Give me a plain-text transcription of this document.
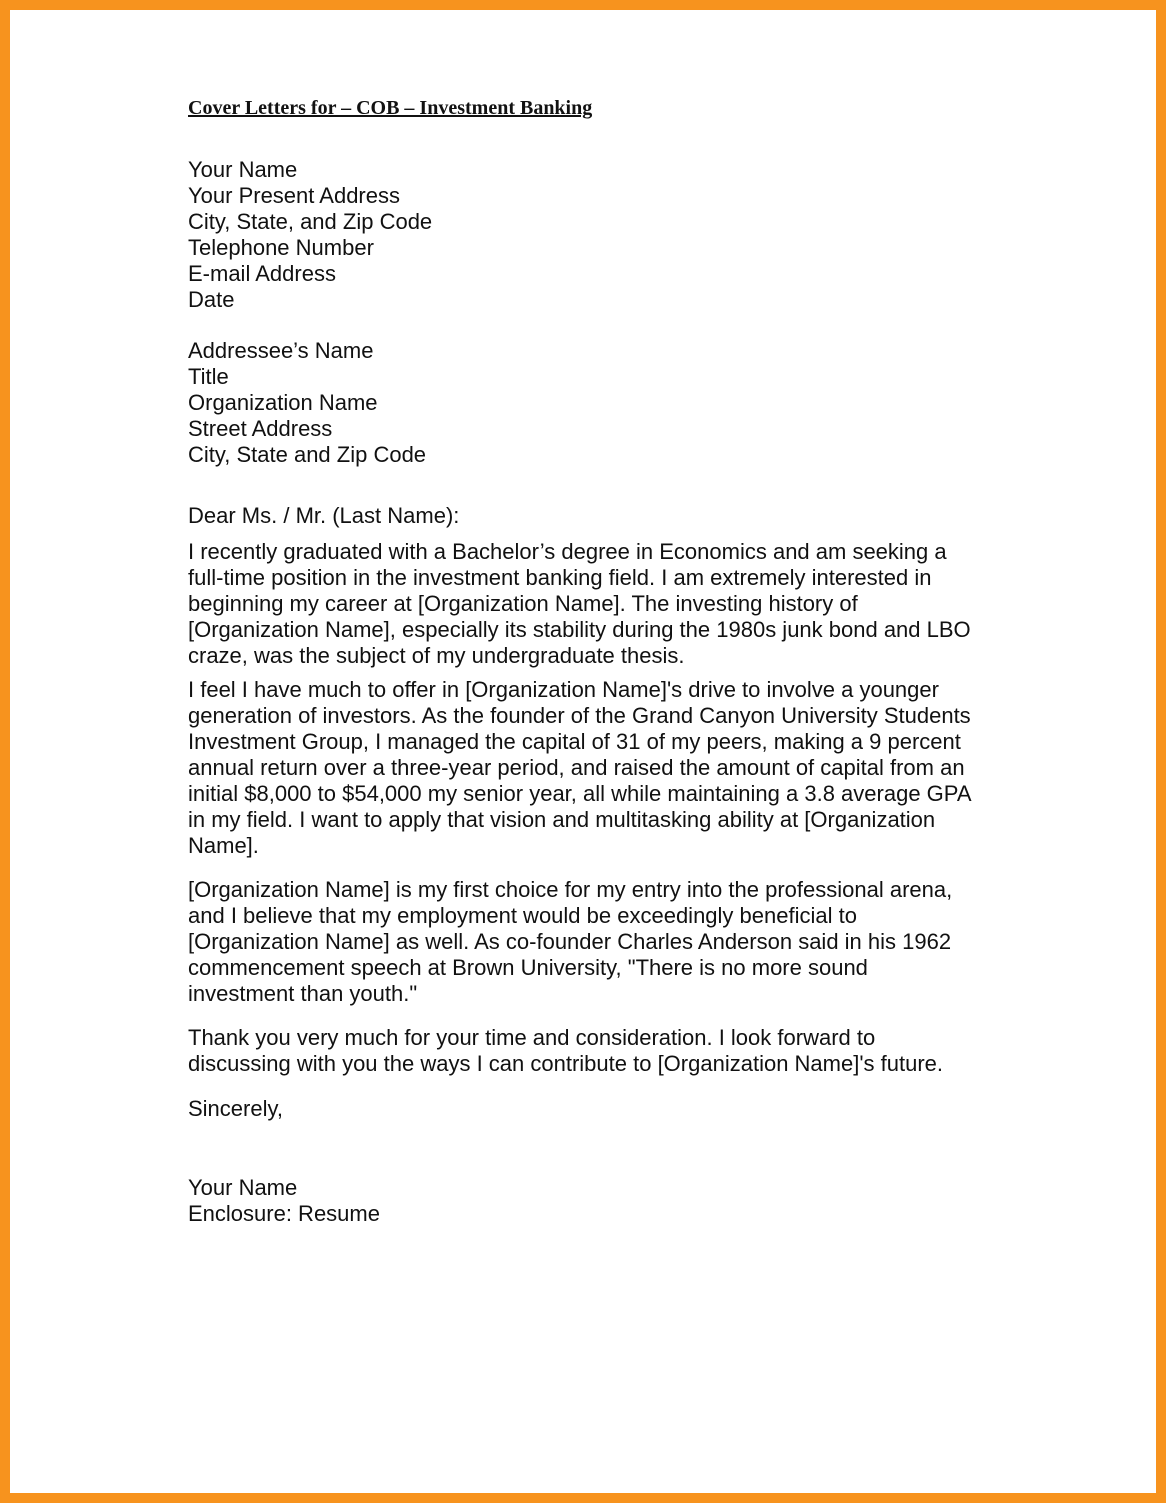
Cover Letters for – COB – Investment Banking
Your Name
Your Present Address
City, State, and Zip Code
Telephone Number
E-mail Address
Date
Addressee’s Name
Title
Organization Name
Street Address
City, State and Zip Code
Dear Ms. / Mr. (Last Name):

I recently graduated with a Bachelor’s degree in Economics and am seeking a
full-time position in the investment banking field. I am extremely interested in
beginning my career at [Organization Name]. The investing history of
[Organization Name], especially its stability during the 1980s junk bond and LBO
craze, was the subject of my undergraduate thesis.

I feel I have much to offer in [Organization Name]'s drive to involve a younger
generation of investors. As the founder of the Grand Canyon University Students
Investment Group, I managed the capital of 31 of my peers, making a 9 percent
annual return over a three-year period, and raised the amount of capital from an
initial $8,000 to $54,000 my senior year, all while maintaining a 3.8 average GPA
in my field. I want to apply that vision and multitasking ability at [Organization
Name].

[Organization Name] is my first choice for my entry into the professional arena,
and I believe that my employment would be exceedingly beneficial to
[Organization Name] as well. As co-founder Charles Anderson said in his 1962
commencement speech at Brown University, "There is no more sound
investment than youth."

Thank you very much for your time and consideration. I look forward to
discussing with you the ways I can contribute to [Organization Name]'s future.

Sincerely,
Your Name
Enclosure: Resume
